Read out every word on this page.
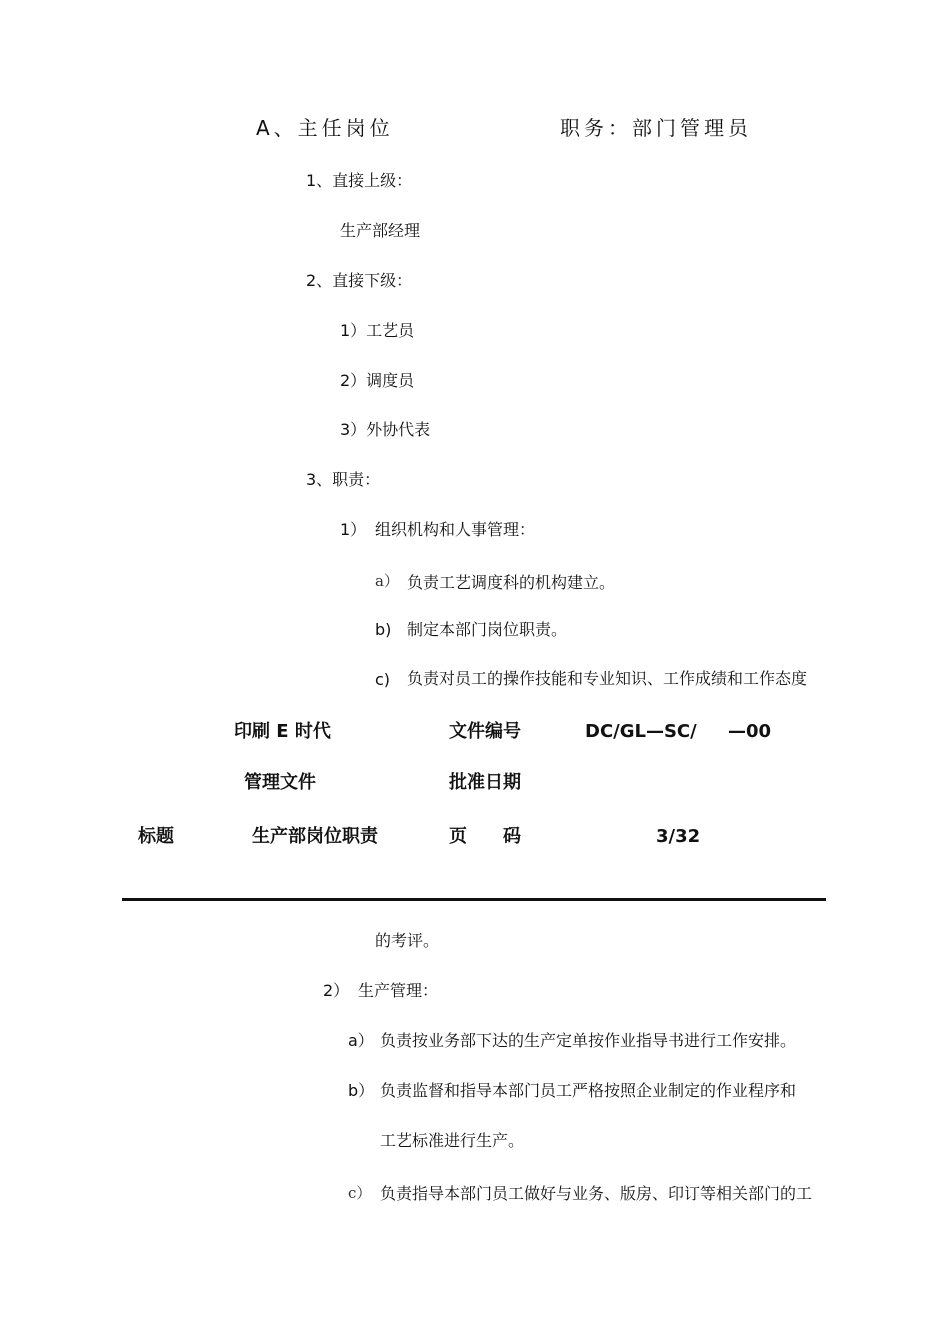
A、主任岗位	职务：部门管理员
1、直接上级：
生产部经理
2、直接下级：
1）工艺员
2）调度员
3）外协代表
3、职责：
1） 组织机构和人事管理：
a） 负责工艺调度科的机构建立。
b) 制定本部门岗位职责。
c) 负责对员工的操作技能和专业知识、工作成绩和工作态度
印刷 E 时代	文件编号	DC/GL—SC/ —00
管理文件	批准日期
标题	生产部岗位职责	页　　码	3/32
的考评。
2） 生产管理：
a） 负责按业务部下达的生产定单按作业指导书进行工作安排。
b） 负责监督和指导本部门员工严格按照企业制定的作业程序和
工艺标准进行生产。
c） 负责指导本部门员工做好与业务、版房、印订等相关部门的工
